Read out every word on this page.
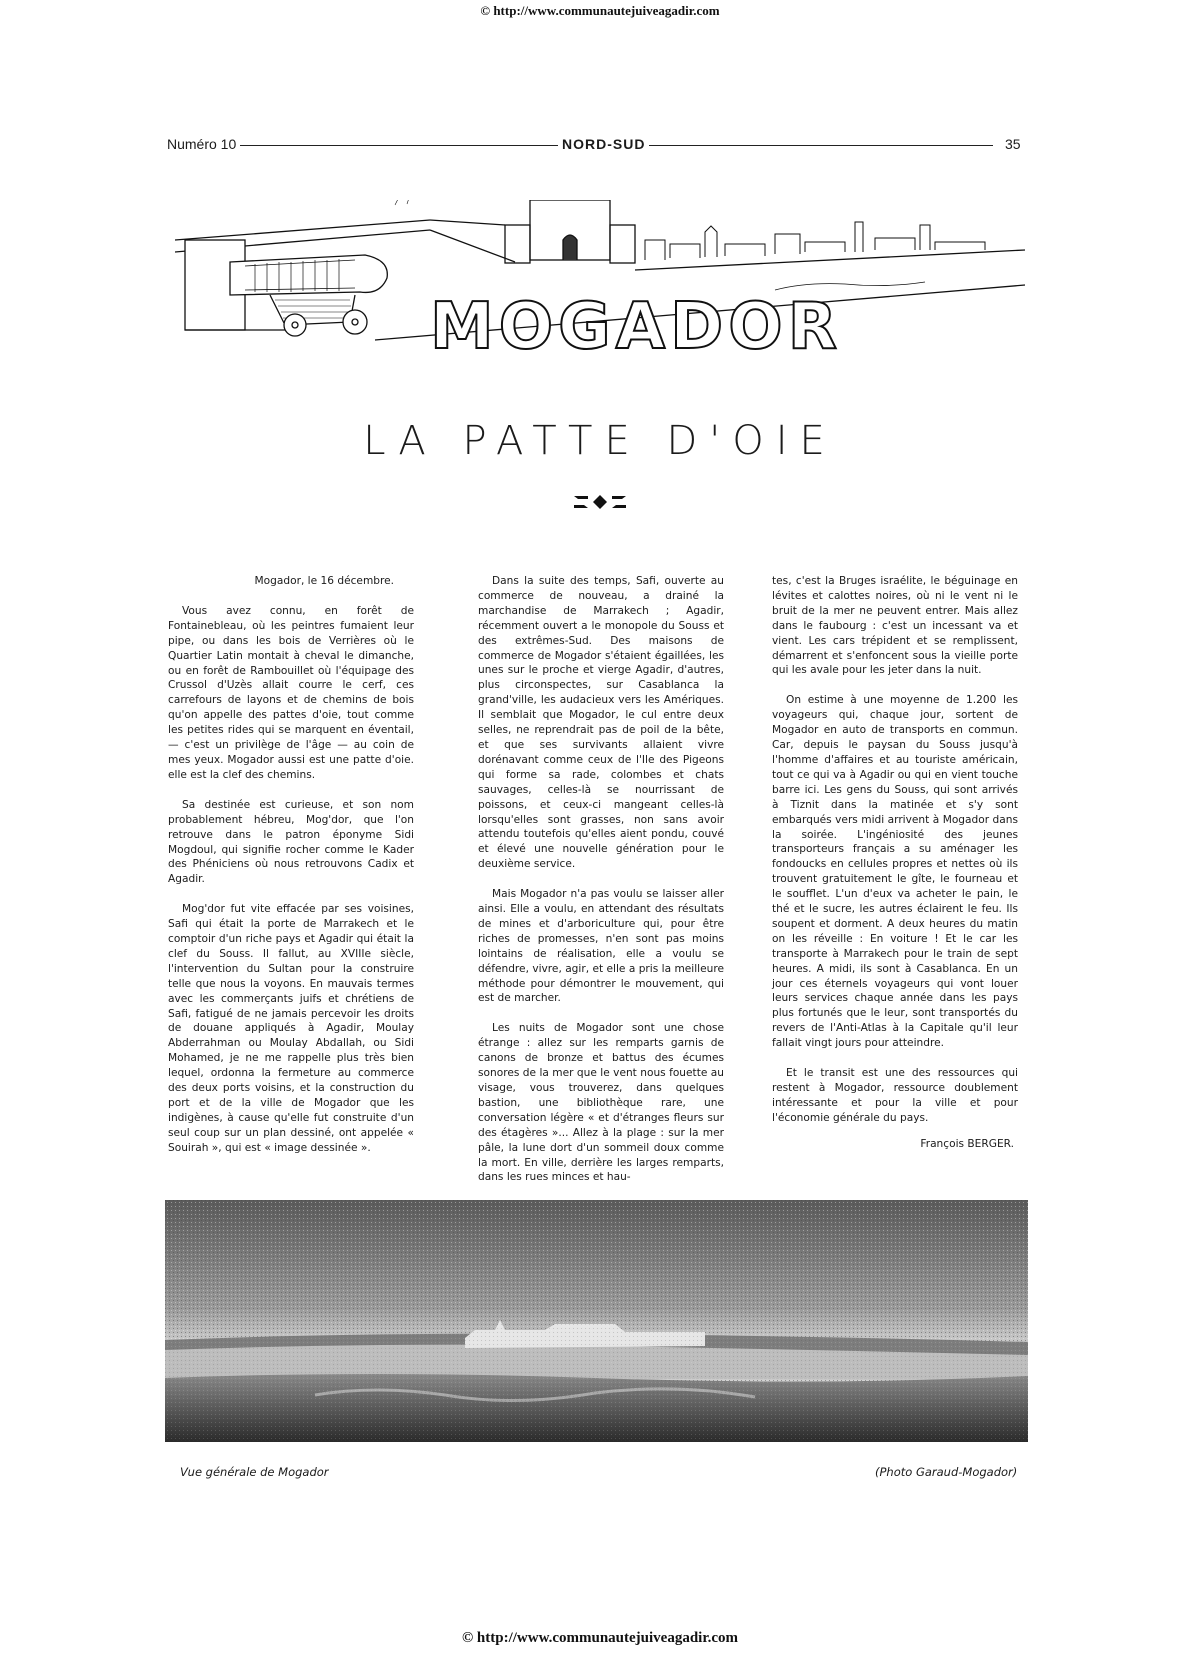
© http://www.communautejuiveagadir.com
Numéro 10	NORD-SUD	35
MOGADOR
LA PATTE D'OIE

Mogador, le 16 décembre.

Vous avez connu, en forêt de Fontainebleau, où les peintres fumaient leur pipe, ou dans les bois de Verrières où le Quartier Latin montait à cheval le dimanche, ou en forêt de Rambouillet où l'équipage des Crussol d'Uzès allait courre le cerf, ces carrefours de layons et de chemins de bois qu'on appelle des pattes d'oie, tout comme les petites rides qui se marquent en éventail, — c'est un privilège de l'âge — au coin de mes yeux. Mogador aussi est une patte d'oie. elle est la clef des chemins.

Sa destinée est curieuse, et son nom probablement hébreu, Mog'dor, que l'on retrouve dans le patron éponyme Sidi Mogdoul, qui signifie rocher comme le Kader des Phéniciens où nous retrouvons Cadix et Agadir.

Mog'dor fut vite effacée par ses voisines, Safi qui était la porte de Marrakech et le comptoir d'un riche pays et Agadir qui était la clef du Souss. Il fallut, au XVIIIe siècle, l'intervention du Sultan pour la construire telle que nous la voyons. En mauvais termes avec les commerçants juifs et chrétiens de Safi, fatigué de ne jamais percevoir les droits de douane appliqués à Agadir, Moulay Abderrahman ou Moulay Abdallah, ou Sidi Mohamed, je ne me rappelle plus très bien lequel, ordonna la fermeture au commerce des deux ports voisins, et la construction du port et de la ville de Mogador que les indigènes, à cause qu'elle fut construite d'un seul coup sur un plan dessiné, ont appelée « Souirah », qui est « image dessinée ».

Dans la suite des temps, Safi, ouverte au commerce de nouveau, a drainé la marchandise de Marrakech ; Agadir, récemment ouvert a le monopole du Souss et des extrêmes-Sud. Des maisons de commerce de Mogador s'étaient égaillées, les unes sur le proche et vierge Agadir, d'autres, plus circonspectes, sur Casablanca la grand'ville, les audacieux vers les Amériques. Il semblait que Mogador, le cul entre deux selles, ne reprendrait pas de poil de la bête, et que ses survivants allaient vivre dorénavant comme ceux de l'Ile des Pigeons qui forme sa rade, colombes et chats sauvages, celles-là se nourrissant de poissons, et ceux-ci mangeant celles-là lorsqu'elles sont grasses, non sans avoir attendu toutefois qu'elles aient pondu, couvé et élevé une nouvelle génération pour le deuxième service.

Mais Mogador n'a pas voulu se laisser aller ainsi. Elle a voulu, en attendant des résultats de mines et d'arboriculture qui, pour être riches de promesses, n'en sont pas moins lointains de réalisation, elle a voulu se défendre, vivre, agir, et elle a pris la meilleure méthode pour démontrer le mouvement, qui est de marcher.

Les nuits de Mogador sont une chose étrange : allez sur les remparts garnis de canons de bronze et battus des écumes sonores de la mer que le vent nous fouette au visage, vous trouverez, dans quelques bastion, une bibliothèque rare, une conversation légère « et d'étranges fleurs sur des étagères »... Allez à la plage : sur la mer pâle, la lune dort d'un sommeil doux comme la mort. En ville, derrière les larges remparts, dans les rues minces et hau-

tes, c'est la Bruges israélite, le béguinage en lévites et calottes noires, où ni le vent ni le bruit de la mer ne peuvent entrer. Mais allez dans le faubourg : c'est un incessant va et vient. Les cars trépident et se remplissent, démarrent et s'enfoncent sous la vieille porte qui les avale pour les jeter dans la nuit.

On estime à une moyenne de 1.200 les voyageurs qui, chaque jour, sortent de Mogador en auto de transports en commun. Car, depuis le paysan du Souss jusqu'à l'homme d'affaires et au touriste américain, tout ce qui va à Agadir ou qui en vient touche barre ici. Les gens du Souss, qui sont arrivés à Tiznit dans la matinée et s'y sont embarqués vers midi arrivent à Mogador dans la soirée. L'ingéniosité des jeunes transporteurs français a su aménager les fondoucks en cellules propres et nettes où ils trouvent gratuitement le gîte, le fourneau et le soufflet. L'un d'eux va acheter le pain, le thé et le sucre, les autres éclairent le feu. Ils soupent et dorment. A deux heures du matin on les réveille : En voiture ! Et le car les transporte à Marrakech pour le train de sept heures. A midi, ils sont à Casablanca. En un jour ces éternels voyageurs qui vont louer leurs services chaque année dans les pays plus fortunés que le leur, sont transportés du revers de l'Anti-Atlas à la Capitale qu'il leur fallait vingt jours pour atteindre.

Et le transit est une des ressources qui restent à Mogador, ressource doublement intéressante et pour la ville et pour l'économie générale du pays.

François BERGER.
Vue générale de Mogador	(Photo Garaud-Mogador)
© http://www.communautejuiveagadir.com
